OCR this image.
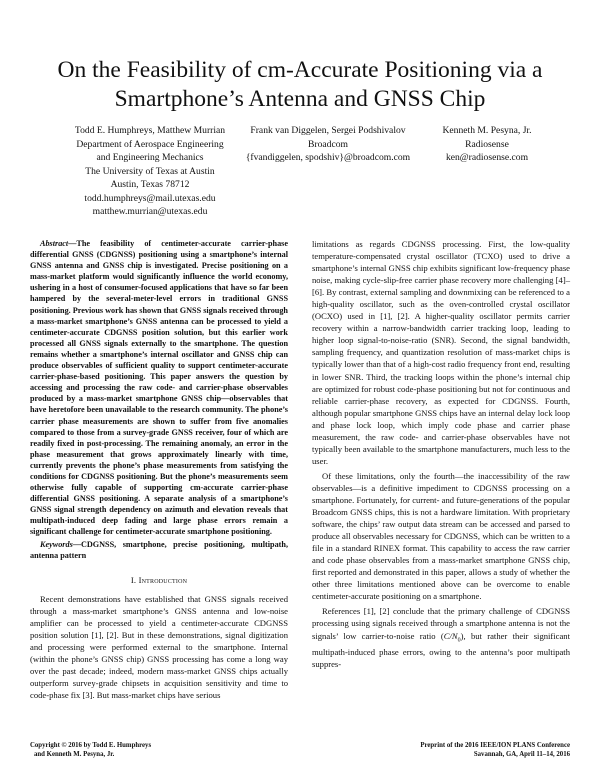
On the Feasibility of cm-Accurate Positioning via a Smartphone’s Antenna and GNSS Chip
Todd E. Humphreys, Matthew Murrian
Department of Aerospace Engineering
and Engineering Mechanics
The University of Texas at Austin
Austin, Texas 78712
todd.humphreys@mail.utexas.edu
matthew.murrian@utexas.edu
Frank van Diggelen, Sergei Podshivalov
Broadcom
{fvandiggelen, spodshiv}@broadcom.com
Kenneth M. Pesyna, Jr.
Radiosense
ken@radiosense.com

Abstract—The feasibility of centimeter-accurate carrier-phase differential GNSS (CDGNSS) positioning using a smartphone’s internal GNSS antenna and GNSS chip is investigated. Precise positioning on a mass-market platform would significantly influence the world economy, ushering in a host of consumer-focused applications that have so far been hampered by the several-meter-level errors in traditional GNSS positioning. Previous work has shown that GNSS signals received through a mass-market smartphone’s GNSS antenna can be processed to yield a centimeter-accurate CDGNSS position solution, but this earlier work processed all GNSS signals externally to the smartphone. The question remains whether a smartphone’s internal oscillator and GNSS chip can produce observables of sufficient quality to support centimeter-accurate carrier-phase-based positioning. This paper answers the question by accessing and processing the raw code- and carrier-phase observables produced by a mass-market smartphone GNSS chip—observables that have heretofore been unavailable to the research community. The phone’s carrier phase measurements are shown to suffer from five anomalies compared to those from a survey-grade GNSS receiver, four of which are readily fixed in post-processing. The remaining anomaly, an error in the phase measurement that grows approximately linearly with time, currently prevents the phone’s phase measurements from satisfying the conditions for CDGNSS positioning. But the phone’s measurements seem otherwise fully capable of supporting cm-accurate carrier-phase differential GNSS positioning. A separate analysis of a smartphone’s GNSS signal strength dependency on azimuth and elevation reveals that multipath-induced deep fading and large phase errors remain a significant challenge for centimeter-accurate smartphone positioning.

Keywords—CDGNSS, smartphone, precise positioning, multipath, antenna pattern

I. Introduction

Recent demonstrations have established that GNSS signals received through a mass-market smartphone’s GNSS antenna and low-noise amplifier can be processed to yield a centimeter-accurate CDGNSS position solution [1], [2]. But in these demonstrations, signal digitization and processing were performed external to the smartphone. Internal (within the phone’s GNSS chip) GNSS processing has come a long way over the past decade; indeed, modern mass-market GNSS chips actually outperform survey-grade chipsets in acquisition sensitivity and time to code-phase fix [3]. But mass-market chips have serious

limitations as regards CDGNSS processing. First, the low-quality temperature-compensated crystal oscillator (TCXO) used to drive a smartphone’s internal GNSS chip exhibits significant low-frequency phase noise, making cycle-slip-free carrier phase recovery more challenging [4]–[6]. By contrast, external sampling and downmixing can be referenced to a high-quality oscillator, such as the oven-controlled crystal oscillator (OCXO) used in [1], [2]. A higher-quality oscillator permits carrier recovery within a narrow-bandwidth carrier tracking loop, leading to higher loop signal-to-noise-ratio (SNR). Second, the signal bandwidth, sampling frequency, and quantization resolution of mass-market chips is typically lower than that of a high-cost radio frequency front end, resulting in lower SNR. Third, the tracking loops within the phone’s internal chip are optimized for robust code-phase positioning but not for continuous and reliable carrier-phase recovery, as expected for CDGNSS. Fourth, although popular smartphone GNSS chips have an internal delay lock loop and phase lock loop, which imply code phase and carrier phase measurement, the raw code- and carrier-phase observables have not typically been available to the smartphone manufacturers, much less to the user.

Of these limitations, only the fourth—the inaccessibility of the raw observables—is a definitive impediment to CDGNSS processing on a smartphone. Fortunately, for current- and future-generations of the popular Broadcom GNSS chips, this is not a hardware limitation. With proprietary software, the chips’ raw output data stream can be accessed and parsed to produce all observables necessary for CDGNSS, which can be written to a file in a standard RINEX format. This capability to access the raw carrier and code phase observables from a mass-market smartphone GNSS chip, first reported and demonstrated in this paper, allows a study of whether the other three limitations mentioned above can be overcome to enable centimeter-accurate positioning on a smartphone.

References [1], [2] conclude that the primary challenge of CDGNSS processing using signals received through a smartphone antenna is not the signals’ low carrier-to-noise ratio $(C/N_0)$, but rather their significant multipath-induced phase errors, owing to the antenna’s poor multipath suppres-

Copyright © 2016 by Todd E. Humphreys
and Kenneth M. Pesyna, Jr.
Preprint of the 2016 IEEE/ION PLANS Conference
Savannah, GA, April 11–14, 2016
